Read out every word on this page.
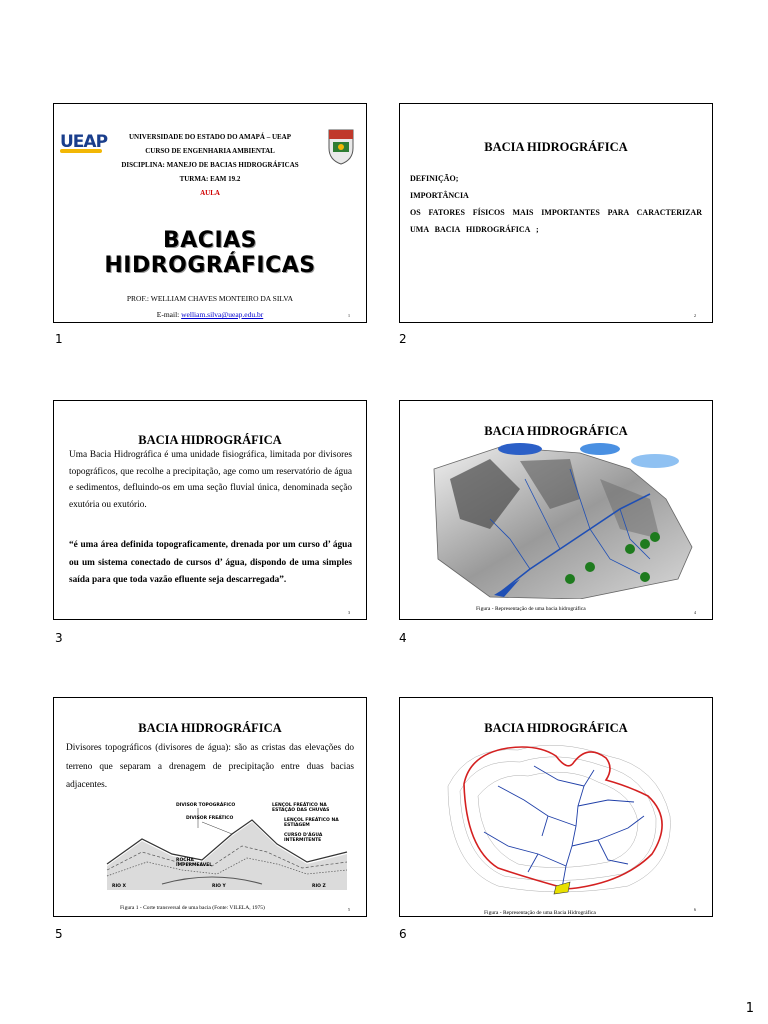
UEAP	UNIVERSIDADE DO ESTADO DO AMAPÁ – UEAP
CURSO DE ENGENHARIA AMBIENTAL
DISCIPLINA: MANEJO DE BACIAS HIDROGRÁFICAS
TURMA: EAM 19.2
AULA
BACIAS HIDROGRÁFICAS
PROF.: WELLIAM CHAVES MONTEIRO DA SILVA
E-mail: welliam.silva@ueap.edu.br	1
1
BACIA HIDROGRÁFICA
DEFINIÇÃO;
IMPORTÂNCIA
OS FATORES FÍSICOS MAIS IMPORTANTES PARA CARACTERIZAR UMA BACIA HIDROGRÁFICA ;
2
2
BACIA HIDROGRÁFICA
Uma Bacia Hidrográfica é uma unidade fisiográfica, limitada por divisores topográficos, que recolhe a precipitação, age como um reservatório de água e sedimentos, defluindo-os em uma seção fluvial única, denominada seção exutória ou exutório.
“é uma área definida topograficamente, drenada por um curso d’ água ou um sistema conectado de cursos d’ água, dispondo de uma simples saída para que toda vazão efluente seja descarregada”.
3
3
BACIA HIDROGRÁFICA
Figura - Representação de uma bacia hidrográfica
4
4
BACIA HIDROGRÁFICA
Divisores topográficos (divisores de água): são as cristas das elevações do terreno que separam a drenagem de precipitação entre duas bacias adjacentes.
DIVISOR TOPOGRÁFICO
DIVISOR FREÁTICO
LENÇOL FREÁTICO NA ESTAÇÃO DAS CHUVAS
LENÇOL FREÁTICO NA ESTIAGEM
CURSO D'ÁGUA INTERMITENTE
ROCHA IMPERMEÁVEL
RIO X	RIO Y	RIO Z
Figura 1 - Corte transversal de uma bacia (Fonte: VILELA, 1975)	5
5
BACIA HIDROGRÁFICA
Figura - Representação de uma Bacia Hidrográfica
6
6
1
